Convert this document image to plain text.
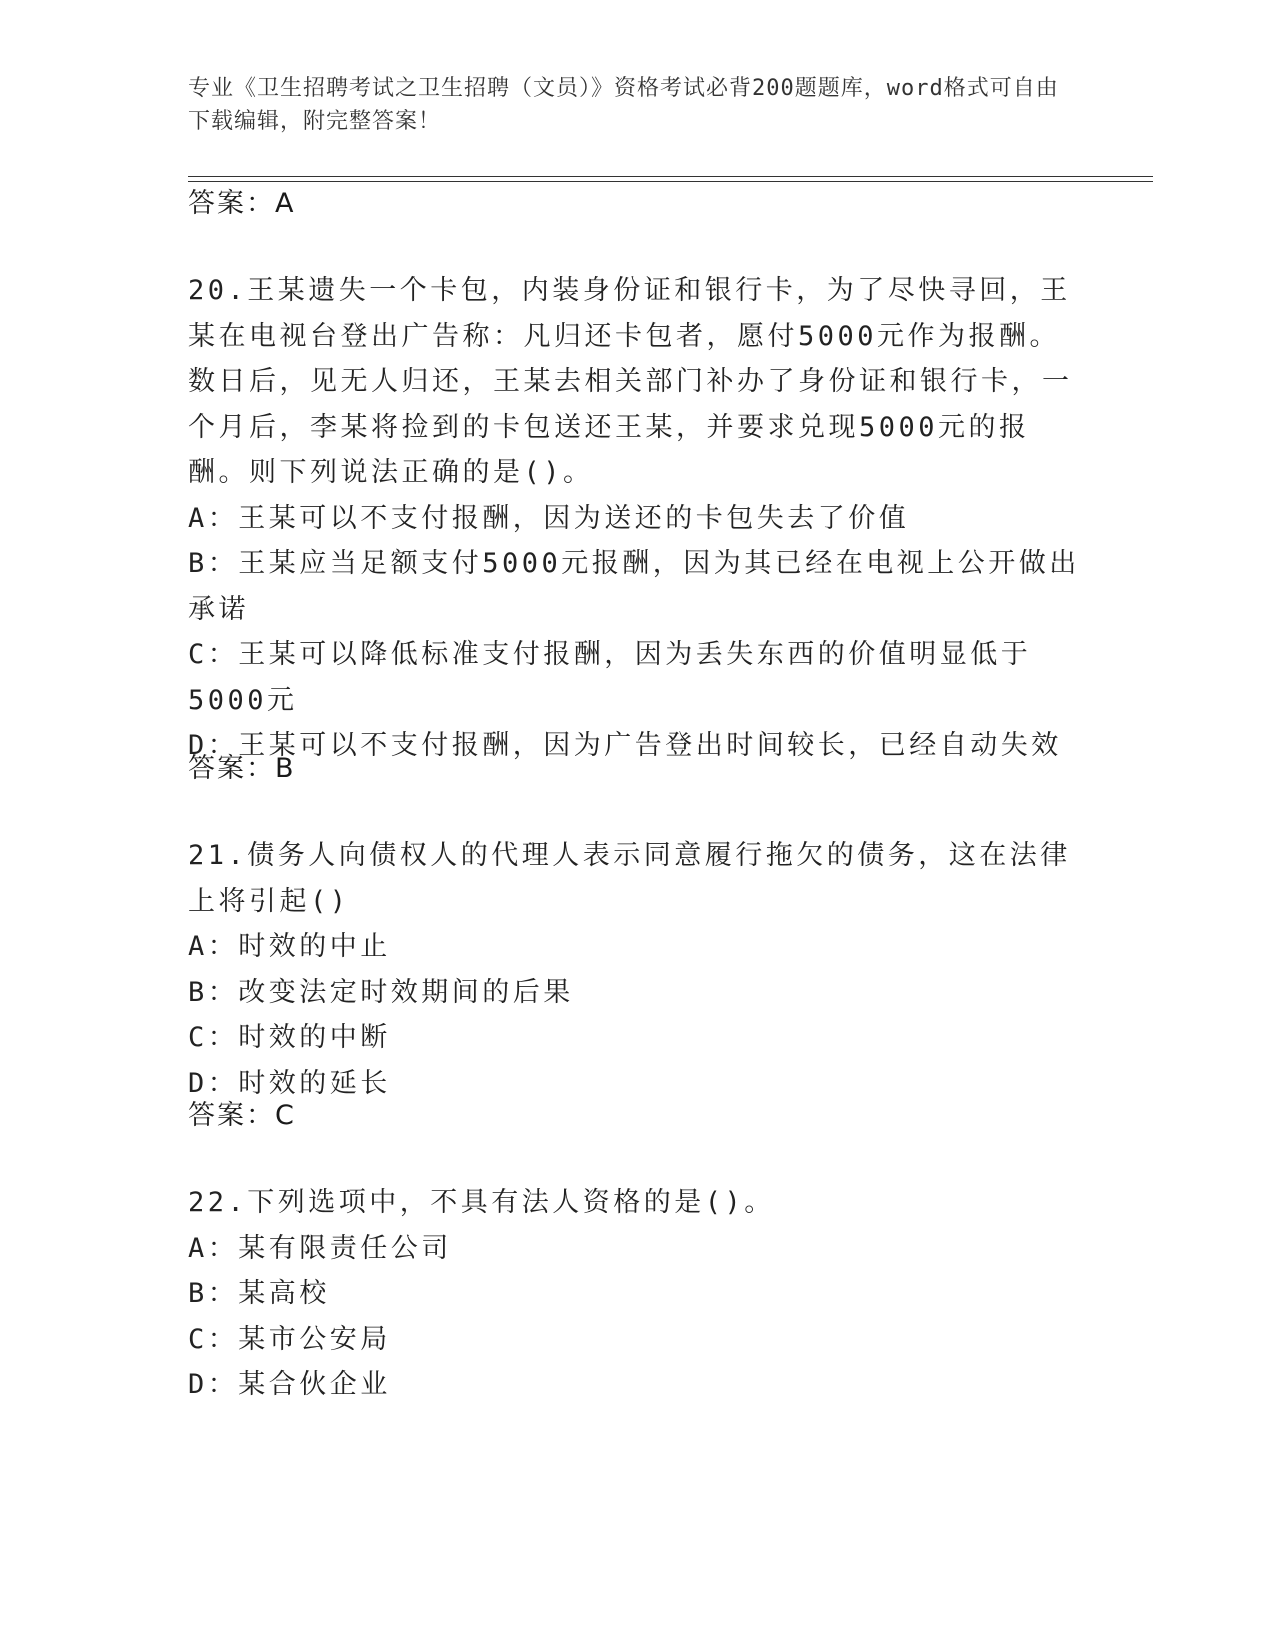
专业《卫生招聘考试之卫生招聘（文员）》资格考试必背200题题库，word格式可自由下载编辑，附完整答案！
答案：A
20.王某遗失一个卡包，内装身份证和银行卡，为了尽快寻回，王某在电视台登出广告称：凡归还卡包者，愿付5000元作为报酬。数日后，见无人归还，王某去相关部门补办了身份证和银行卡，一个月后，李某将捡到的卡包送还王某，并要求兑现5000元的报酬。则下列说法正确的是()。
A：王某可以不支付报酬，因为送还的卡包失去了价值
B：王某应当足额支付5000元报酬，因为其已经在电视上公开做出承诺
C：王某可以降低标准支付报酬，因为丢失东西的价值明显低于5000元
D：王某可以不支付报酬，因为广告登出时间较长，已经自动失效
答案：B
21.债务人向债权人的代理人表示同意履行拖欠的债务，这在法律上将引起()
A：时效的中止
B：改变法定时效期间的后果
C：时效的中断
D：时效的延长
答案：C
22.下列选项中，不具有法人资格的是()。
A：某有限责任公司
B：某高校
C：某市公安局
D：某合伙企业
